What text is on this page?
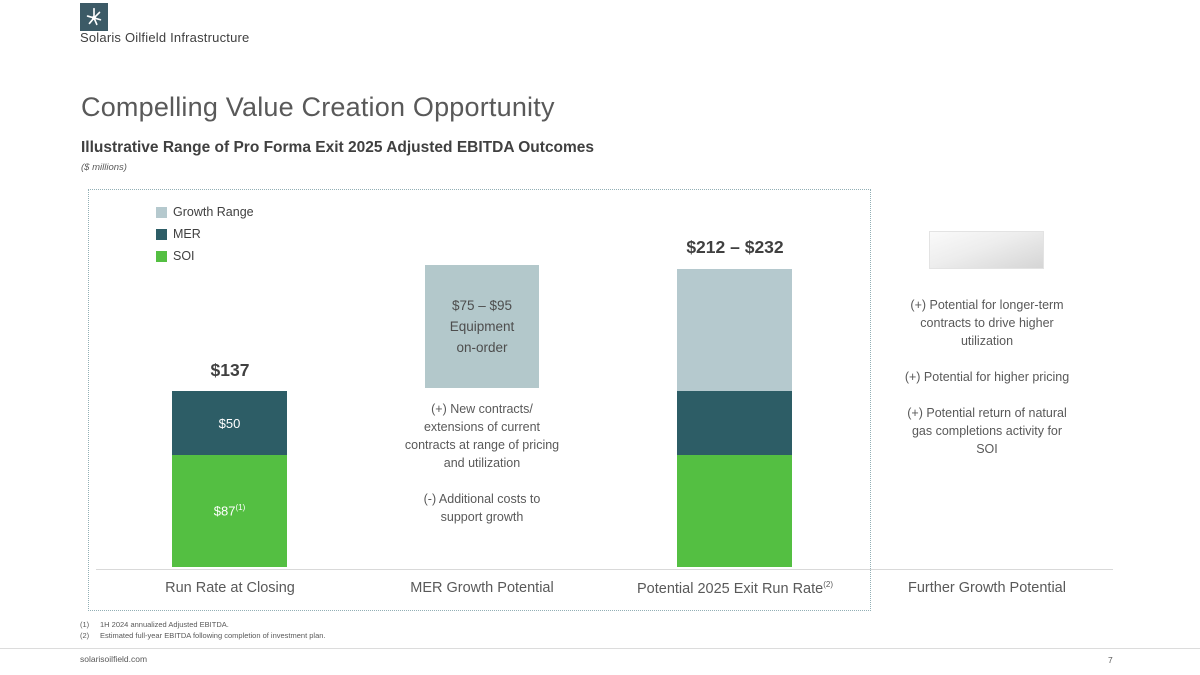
Solaris Oilfield Infrastructure
Compelling Value Creation Opportunity
Illustrative Range of Pro Forma Exit 2025 Adjusted EBITDA Outcomes
($ millions)
Growth Range
MER
SOI
$137
$50
$87$^{(1)}$
$75 – $95
Equipment
on-order

(+) New contracts/ extensions of current contracts at range of pricing and utilization

(-) Additional costs to support growth

$212 – $232

(+) Potential for longer-term contracts to drive higher utilization

(+) Potential for higher pricing

(+) Potential return of natural gas completions activity for SOI

Run Rate at Closing	MER Growth Potential	Potential 2025 Exit Run Rate$^{(2)}$	Further Growth Potential
(1)	1H 2024 annualized Adjusted EBITDA.
(2)	Estimated full-year EBITDA following completion of investment plan.
solarisoilfield.com	7
